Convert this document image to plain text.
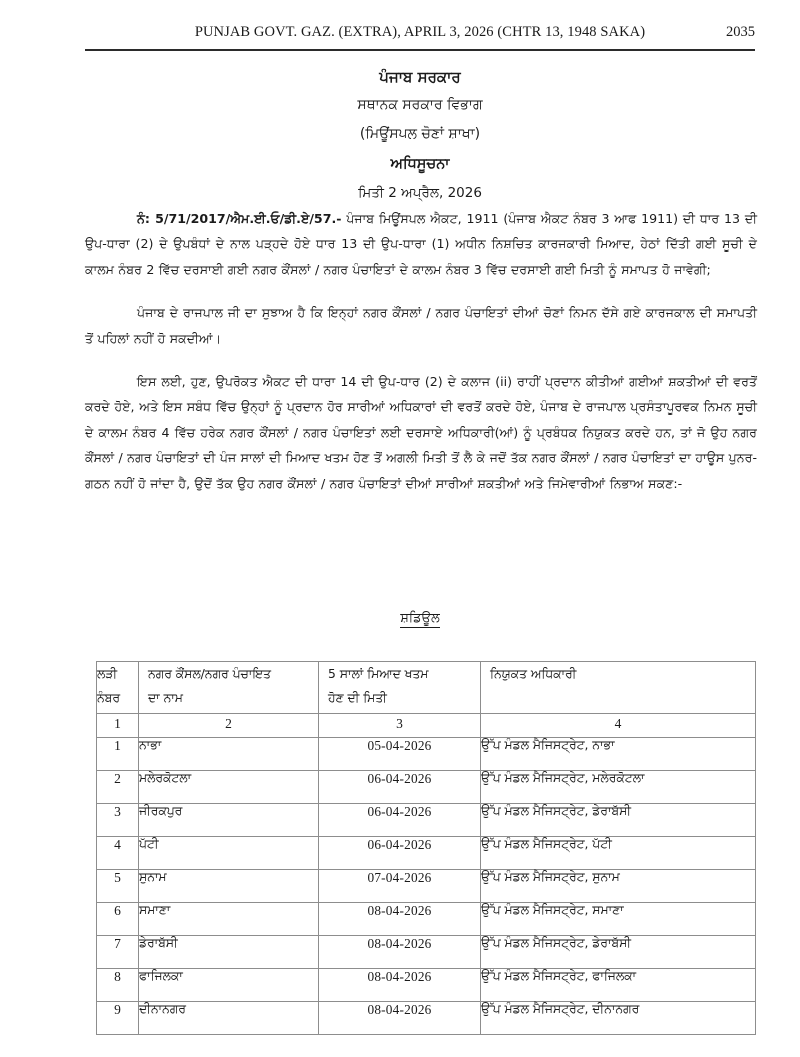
PUNJAB GOVT. GAZ. (EXTRA), APRIL 3, 2026 (CHTR 13, 1948 SAKA)	2035
ਪੰਜਾਬ ਸਰਕਾਰ
ਸਥਾਨਕ ਸਰਕਾਰ ਵਿਭਾਗ
(ਮਿਊਂਸਪਲ ਚੋਣਾਂ ਸ਼ਾਖਾ)
ਅਧਿਸੂਚਨਾ
ਮਿਤੀ 2 ਅਪ੍ਰੈਲ, 2026

ਨੰ: 5/71/2017/ਐਮ.ਈ.ਓ/ਡੀ.ਏ/57.- ਪੰਜਾਬ ਮਿਊਂਸਪਲ ਐਕਟ, 1911 (ਪੰਜਾਬ ਐਕਟ ਨੰਬਰ 3 ਆਫ 1911) ਦੀ ਧਾਰ 13 ਦੀ ਉਪ-ਧਾਰਾ (2) ਦੇ ਉਪਬੰਧਾਂ ਦੇ ਨਾਲ ਪੜ੍ਹਦੇ ਹੋਏ ਧਾਰ 13 ਦੀ ਉਪ-ਧਾਰਾ (1) ਅਧੀਨ ਨਿਸ਼ਚਿਤ ਕਾਰਜਕਾਰੀ ਮਿਆਦ, ਹੇਠਾਂ ਦਿੱਤੀ ਗਈ ਸੂਚੀ ਦੇ ਕਾਲਮ ਨੰਬਰ 2 ਵਿੱਚ ਦਰਸਾਈ ਗਈ ਨਗਰ ਕੌਂਸਲਾਂ / ਨਗਰ ਪੰਚਾਇਤਾਂ ਦੇ ਕਾਲਮ ਨੰਬਰ 3 ਵਿੱਚ ਦਰਸਾਈ ਗਈ ਮਿਤੀ ਨੂੰ ਸਮਾਪਤ ਹੋ ਜਾਵੇਗੀ;

ਪੰਜਾਬ ਦੇ ਰਾਜਪਾਲ ਜੀ ਦਾ ਸੁਝਾਅ ਹੈ ਕਿ ਇਨ੍ਹਾਂ ਨਗਰ ਕੌਂਸਲਾਂ / ਨਗਰ ਪੰਚਾਇਤਾਂ ਦੀਆਂ ਚੋਣਾਂ ਨਿਮਨ ਦੱਸੇ ਗਏ ਕਾਰਜਕਾਲ ਦੀ ਸਮਾਪਤੀ ਤੋਂ ਪਹਿਲਾਂ ਨਹੀਂ ਹੋ ਸਕਦੀਆਂ।

ਇਸ ਲਈ, ਹੁਣ, ਉਪਰੋਕਤ ਐਕਟ ਦੀ ਧਾਰਾ 14 ਦੀ ਉਪ-ਧਾਰ (2) ਦੇ ਕਲਾਜ (ii) ਰਾਹੀਂ ਪ੍ਰਦਾਨ ਕੀਤੀਆਂ ਗਈਆਂ ਸ਼ਕਤੀਆਂ ਦੀ ਵਰਤੋਂ ਕਰਦੇ ਹੋਏ, ਅਤੇ ਇਸ ਸਬੰਧ ਵਿੱਚ ਉਨ੍ਹਾਂ ਨੂੰ ਪ੍ਰਦਾਨ ਹੋਰ ਸਾਰੀਆਂ ਅਧਿਕਾਰਾਂ ਦੀ ਵਰਤੋਂ ਕਰਦੇ ਹੋਏ, ਪੰਜਾਬ ਦੇ ਰਾਜਪਾਲ ਪ੍ਰਸੰਤਾਪੂਰਵਕ ਨਿਮਨ ਸੂਚੀ ਦੇ ਕਾਲਮ ਨੰਬਰ 4 ਵਿੱਚ ਹਰੇਕ ਨਗਰ ਕੌਂਸਲਾਂ / ਨਗਰ ਪੰਚਾਇਤਾਂ ਲਈ ਦਰਸਾਏ ਅਧਿਕਾਰੀ(ਆਂ) ਨੂੰ ਪ੍ਰਬੰਧਕ ਨਿਯੁਕਤ ਕਰਦੇ ਹਨ, ਤਾਂ ਜੋ ਉਹ ਨਗਰ ਕੌਂਸਲਾਂ / ਨਗਰ ਪੰਚਾਇਤਾਂ ਦੀ ਪੰਜ ਸਾਲਾਂ ਦੀ ਮਿਆਦ ਖਤਮ ਹੋਣ ਤੋਂ ਅਗਲੀ ਮਿਤੀ ਤੋਂ ਲੈ ਕੇ ਜਦੋਂ ਤੱਕ ਨਗਰ ਕੌਂਸਲਾਂ / ਨਗਰ ਪੰਚਾਇਤਾਂ ਦਾ ਹਾਊਸ ਪੁਨਰ-ਗਠਨ ਨਹੀਂ ਹੋ ਜਾਂਦਾ ਹੈ, ਉਦੋਂ ਤੱਕ ਉਹ ਨਗਰ ਕੌਂਸਲਾਂ / ਨਗਰ ਪੰਚਾਇਤਾਂ ਦੀਆਂ ਸਾਰੀਆਂ ਸ਼ਕਤੀਆਂ ਅਤੇ ਜਿਮੇਵਾਰੀਆਂ ਨਿਭਾਅ ਸਕਣ:-

ਸ਼ਡਿਊਲ
ਲੜੀ
ਨੰਬਰ

ਨਗਰ ਕੌਂਸਲ/ਨਗਰ ਪੰਚਾਇਤ
ਦਾ ਨਾਮ

5 ਸਾਲਾਂ ਮਿਆਦ ਖਤਮ
ਹੋਣ ਦੀ ਮਿਤੀ

ਨਿਯੁਕਤ ਅਧਿਕਾਰੀ

1	2	3	4
1	ਨਾਭਾ	05-04-2026	ਉੱਪ ਮੰਡਲ ਮੈਜਿਸਟ੍ਰੇਟ, ਨਾਭਾ
2	ਮਲੇਰਕੋਟਲਾ	06-04-2026	ਉੱਪ ਮੰਡਲ ਮੈਜਿਸਟ੍ਰੇਟ, ਮਲੇਰਕੋਟਲਾ
3	ਜੀਰਕਪੁਰ	06-04-2026	ਉੱਪ ਮੰਡਲ ਮੈਜਿਸਟ੍ਰੇਟ, ਡੇਰਾਬੱਸੀ
4	ਪੱਟੀ	06-04-2026	ਉੱਪ ਮੰਡਲ ਮੈਜਿਸਟ੍ਰੇਟ, ਪੱਟੀ
5	ਸੁਨਾਮ	07-04-2026	ਉੱਪ ਮੰਡਲ ਮੈਜਿਸਟ੍ਰੇਟ, ਸੁਨਾਮ
6	ਸਮਾਣਾ	08-04-2026	ਉੱਪ ਮੰਡਲ ਮੈਜਿਸਟ੍ਰੇਟ, ਸਮਾਣਾ
7	ਡੇਰਾਬੱਸੀ	08-04-2026	ਉੱਪ ਮੰਡਲ ਮੈਜਿਸਟ੍ਰੇਟ, ਡੇਰਾਬੱਸੀ
8	ਫਾਜਿਲਕਾ	08-04-2026	ਉੱਪ ਮੰਡਲ ਮੈਜਿਸਟ੍ਰੇਟ, ਫਾਜਿਲਕਾ
9	ਦੀਨਾਨਗਰ	08-04-2026	ਉੱਪ ਮੰਡਲ ਮੈਜਿਸਟ੍ਰੇਟ, ਦੀਨਾਨਗਰ
